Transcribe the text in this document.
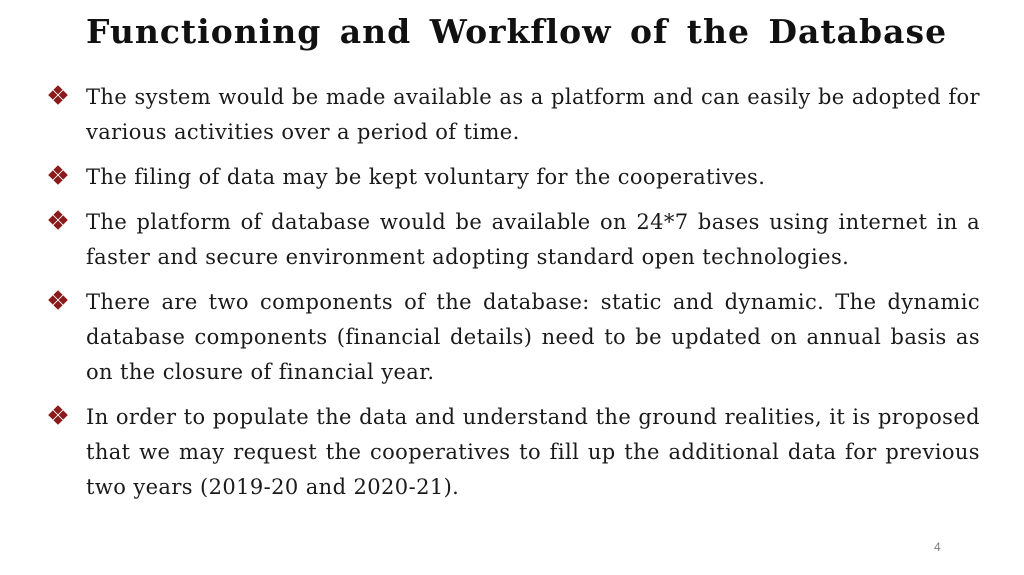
Functioning and Workflow of the Database
The system would be made available as a platform and can easily be adopted for various activities over a period of time.
The filing of data may be kept voluntary for the cooperatives.
The platform of database would be available on 24*7 bases using internet in a faster and secure environment adopting standard open technologies.
There are two components of the database: static and dynamic. The dynamic database components (financial details) need to be updated on annual basis as on the closure of financial year.
In order to populate the data and understand the ground realities, it is proposed that we may request the cooperatives to fill up the additional data for previous two years (2019-20 and 2020-21).
4
